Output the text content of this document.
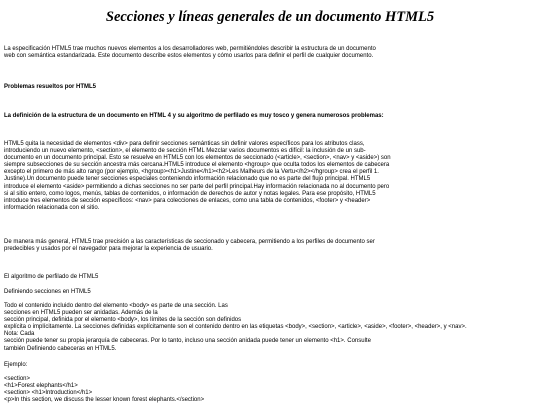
Secciones y líneas generales de un documento HTML5

La especificación HTML5 trae muchos nuevos elementos a los desarrolladores web, permitiéndoles describir la estructura de un documento
web con semántica estandarizada. Este documento describe estos elementos y cómo usarlos para definir el perfil de cualquier documento.

Problemas resueltos por HTML5

La definición de la estructura de un documento en HTML 4 y su algoritmo de perfilado es muy tosco y genera numerosos problemas:

HTML5 quita la necesidad de elementos <div> para definir secciones semánticas sin definir valores específicos para los atributos class,
introduciendo un nuevo elemento, <section>, el elemento de sección HTML Mezclar varios documentos es difícil: la inclusión de un sub-
documento en un documento principal. Esto se resuelve en HTML5 con los elementos de seccionado (<article>, <section>, <nav> y <aside>) son
siempre subsecciones de su sección ancestra más cercana.HTML5 introduce el elemento <hgroup> que oculta todos los elementos de cabecera
excepto el primero de más alto rango (por ejemplo, <hgroup><h1>Justine</h1><h2>Les Malheurs de la Vertu</h2></hgroup> crea el perfil 1.
Justine).Un documento puede tener secciones especiales conteniendo información relacionado que no es parte del flujo principal. HTML5
introduce el elemento <aside> permitiendo a dichas secciones no ser parte del perfil principal.Hay información relacionada no al documento pero
si al sitio entero, como logos, menús, tablas de contenidos, o información de derechos de autor y notas legales. Para ese propósito, HTML5
introduce tres elementos de sección específicos: <nav> para colecciones de enlaces, como una tabla de contenidos, <footer> y <header>
información relacionada con el sitio.

De manera más general, HTML5 trae precisión a las características de seccionado y cabecera, permitiendo a los perfiles de documento ser
predecibles y usados por el navegador para mejorar la experiencia de usuario.

El algoritmo de perfilado de HTML5

Definiendo secciones en HTML5

Todo el contenido incluido dentro del elemento <body> es parte de una sección. Las
secciones en HTML5 pueden ser anidadas. Además de la
sección principal, definida por el elemento <body>, los límites de la sección son definidos
explícita o implícitamente. La secciones definidas explícitamente son el contenido dentro en las etiquetas <body>, <section>, <article>, <aside>, <footer>, <header>, y <nav>.
Nota: Cada
sección puede tener su propia jerarquía de cabeceras. Por lo tanto, incluso una sección anidada puede tener un elemento <h1>. Consulte
también Definiendo cabeceras en HTML5.

Ejemplo:

<section>
<h1>Forest elephants</h1>
<section> <h1>Introduction</h1>
<p>In this section, we discuss the lesser known forest elephants.</section>
